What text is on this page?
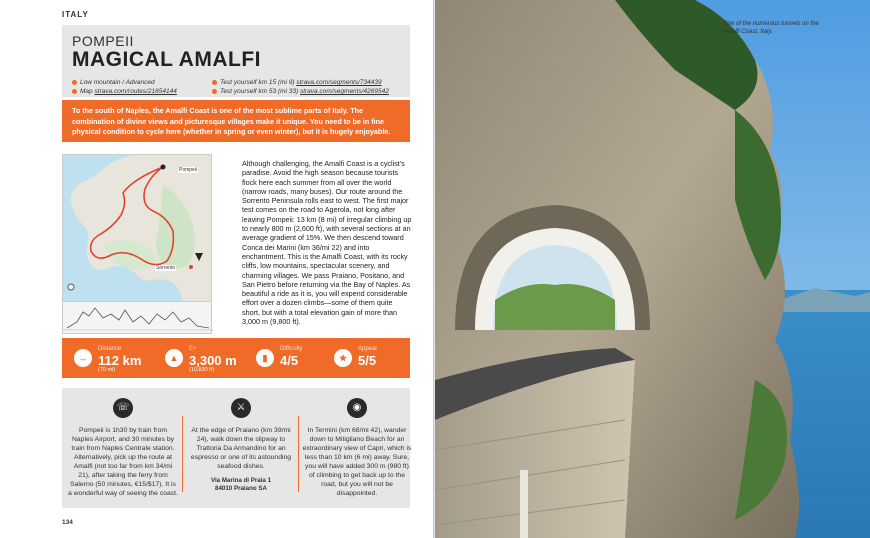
ITALY
POMPEII
MAGICAL AMALFI
Low mountain / Advanced
Map strava.com/routes/21654144
Test yourself km 15 (mi 9) strava.com/segments/734439
Test yourself km 53 (mi 33) strava.com/segments/4269542
To the south of Naples, the Amalfi Coast is one of the most sublime parts of Italy. The combination of divine views and picturesque villages make it unique. You need to be in fine physical condition to cycle here (whether in spring or even winter), but it is hugely enjoyable.
Pompeii
Sorrento
Although challenging, the Amalfi Coast is a cyclist's paradise. Avoid the high season because tourists flock here each summer from all over the world (narrow roads, many buses). Our route around the Sorrento Peninsula rolls east to west. The first major test comes on the road to Agerola, not long after leaving Pompeii: 13 km (8 mi) of irregular climbing up to nearly 800 m (2,600 ft), with several sections at an average gradient of 15%. We then descend toward Conca dei Marini (km 36/mi 22) and into enchantment. This is the Amalfi Coast, with its rocky cliffs, low mountains, spectacular scenery, and charming villages. We pass Praiano, Positano, and San Pietro before returning via the Bay of Naples. As beautiful a ride as it is, you will expend considerable effort over a dozen climbs—some of them quite short, but with a total elevation gain of more than 3,000 m (9,800 ft).
↔
Distance
112 km
(70 mi)
▲
E+
3,300 m
(10,830 ft)
▮
Difficulty
4/5	★
Appeal
5/5
☏
Pompeii is 1h30 by train from Naples Airport, and 30 minutes by train from Naples Centrale station. Alternatively, pick up the route at Amalfi (not too far from km 34/mi 21), after taking the ferry from Salerno (50 minutes, €15/$17). It is a wonderful way of seeing the coast.
⚔
At the edge of Praiano (km 39/mi 24), walk down the slipway to Trattoria Da Armandino for an espresso or one of its astounding seafood dishes.
Via Marina di Praia 1
84010 Praiano SA
◉
In Termini (km 68/mi 42), wander down to Mitigliano Beach for an extraordinary view of Capri, which is less than 10 km (6 mi) away. Sure, you will have added 300 m (980 ft) of climbing to get back up to the road, but you will not be disappointed.
134
One of the numerous tunnels on the Amalfi Coast, Italy.
